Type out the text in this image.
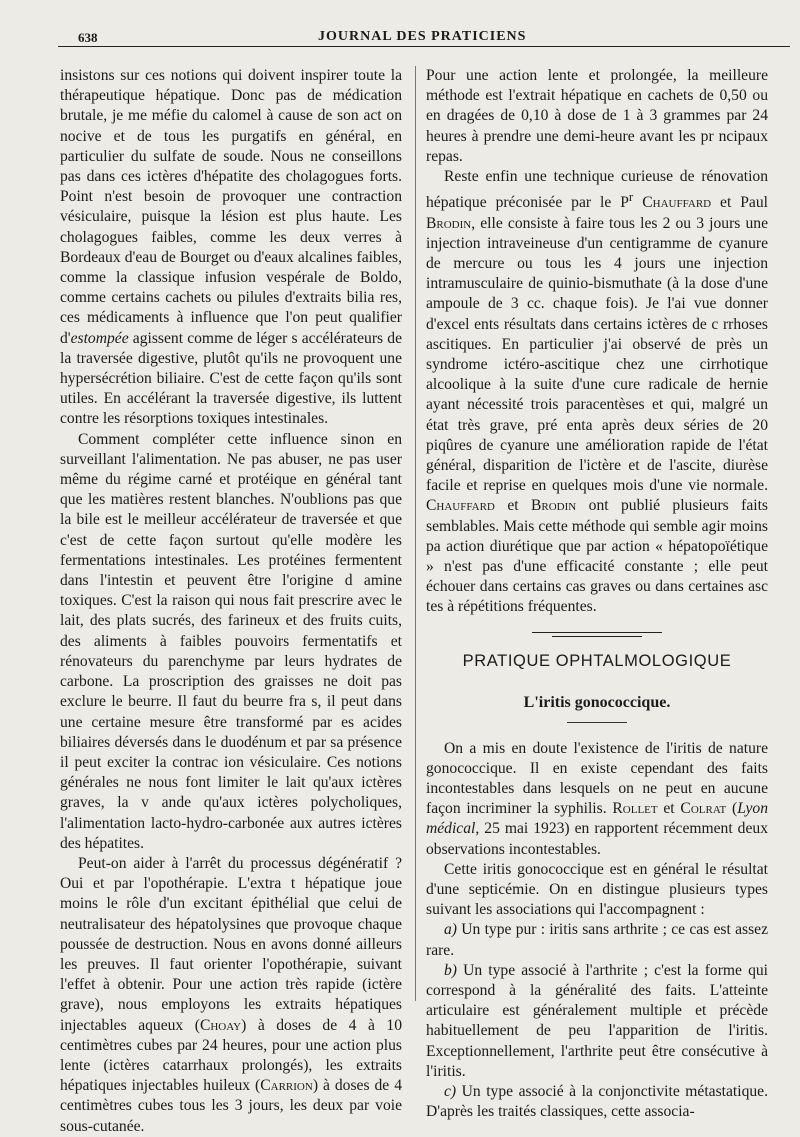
638	JOURNAL DES PRATICIENS

insistons sur ces notions qui doivent inspirer toute la thérapeutique hépatique. Donc pas de médication brutale, je me méfie du calomel à cause de son act on nocive et de tous les purgatifs en général, en particulier du sulfate de soude. Nous ne conseillons pas dans ces ictères d'hépatite des cholagogues forts. Point n'est besoin de provoquer une contraction vésiculaire, puisque la lésion est plus haute. Les cholagogues faibles, comme les deux verres à Bordeaux d'eau de Bourget ou d'eaux alcalines faibles, comme la classique infusion vespérale de Boldo, comme certains cachets ou pilules d'extraits bilia res, ces médicaments à influence que l'on peut qualifier d'estompée agissent comme de léger s accélérateurs de la traversée digestive, plutôt qu'ils ne provoquent une hypersécrétion biliaire. C'est de cette façon qu'ils sont utiles. En accélérant la traversée digestive, ils luttent contre les résorptions toxiques intestinales.

Comment compléter cette influence sinon en surveillant l'alimentation. Ne pas abuser, ne pas user même du régime carné et protéique en général tant que les matières restent blanches. N'oublions pas que la bile est le meilleur accélérateur de traversée et que c'est de cette façon surtout qu'elle modère les fermentations intestinales. Les protéines fermentent dans l'intestin et peuvent être l'origine d amine toxiques. C'est la raison qui nous fait prescrire avec le lait, des plats sucrés, des farineux et des fruits cuits, des aliments à faibles pouvoirs fermentatifs et rénovateurs du parenchyme par leurs hydrates de carbone. La proscription des graisses ne doit pas exclure le beurre. Il faut du beurre fra s, il peut dans une certaine mesure être transformé par es acides biliaires déversés dans le duodénum et par sa présence il peut exciter la contrac ion vésiculaire. Ces notions générales ne nous font limiter le lait qu'aux ictères graves, la v ande qu'aux ictères polycholiques, l'alimentation lacto-hydro-carbonée aux autres ictères des hépatites.

Peut-on aider à l'arrêt du processus dégénératif ? Oui et par l'opothérapie. L'extra t hépatique joue moins le rôle d'un excitant épithélial que celui de neutralisateur des hépatolysines que provoque chaque poussée de destruction. Nous en avons donné ailleurs les preuves. Il faut orienter l'opothérapie, suivant l'effet à obtenir. Pour une action très rapide (ictère grave), nous employons les extraits hépatiques injectables aqueux (Choay) à doses de 4 à 10 centimètres cubes par 24 heures, pour une action plus lente (ictères catarrhaux prolongés), les extraits hépatiques injectables huileux (Carrion) à doses de 4 centimètres cubes tous les 3 jours, les deux par voie sous-cutanée.

Pour une action lente et prolongée, la meilleure méthode est l'extrait hépatique en cachets de 0,50 ou en dragées de 0,10 à dose de 1 à 3 grammes par 24 heures à prendre une demi-heure avant les pr ncipaux repas.

Reste enfin une technique curieuse de rénovation hépatique préconisée par le $P^r$ Chauffard et Paul Brodin, elle consiste à faire tous les 2 ou 3 jours une injection intraveineuse d'un centigramme de cyanure de mercure ou tous les 4 jours une injection intramusculaire de quinio-bismuthate (à la dose d'une ampoule de 3 cc. chaque fois). Je l'ai vue donner d'excel ents résultats dans certains ictères de c rrhoses ascitiques. En particulier j'ai observé de près un syndrome ictéro-ascitique chez une cirrhotique alcoolique à la suite d'une cure radicale de hernie ayant nécessité trois paracentèses et qui, malgré un état très grave, pré enta après deux séries de 20 piqûres de cyanure une amélioration rapide de l'état général, disparition de l'ictère et de l'ascite, diurèse facile et reprise en quelques mois d'une vie normale. Chauffard et Brodin ont publié plusieurs faits semblables. Mais cette méthode qui semble agir moins pa action diurétique que par action « hépatopoïétique » n'est pas d'une efficacité constante ; elle peut échouer dans certains cas graves ou dans certaines asc tes à répétitions fréquentes.

PRATIQUE OPHTALMOLOGIQUE
L'iritis gonococcique.

On a mis en doute l'existence de l'iritis de nature gonococcique. Il en existe cependant des faits incontestables dans lesquels on ne peut en aucune façon incriminer la syphilis. Rollet et Colrat (Lyon médical, 25 mai 1923) en rapportent récemment deux observations incontestables.

Cette iritis gonococcique est en général le résultat d'une septicémie. On en distingue plusieurs types suivant les associations qui l'accompagnent :

a) Un type pur : iritis sans arthrite ; ce cas est assez rare.

b) Un type associé à l'arthrite ; c'est la forme qui correspond à la généralité des faits. L'atteinte articulaire est généralement multiple et précède habituellement de peu l'apparition de l'iritis. Exceptionnellement, l'arthrite peut être consécutive à l'iritis.

c) Un type associé à la conjonctivite métastatique. D'après les traités classiques, cette associa-
